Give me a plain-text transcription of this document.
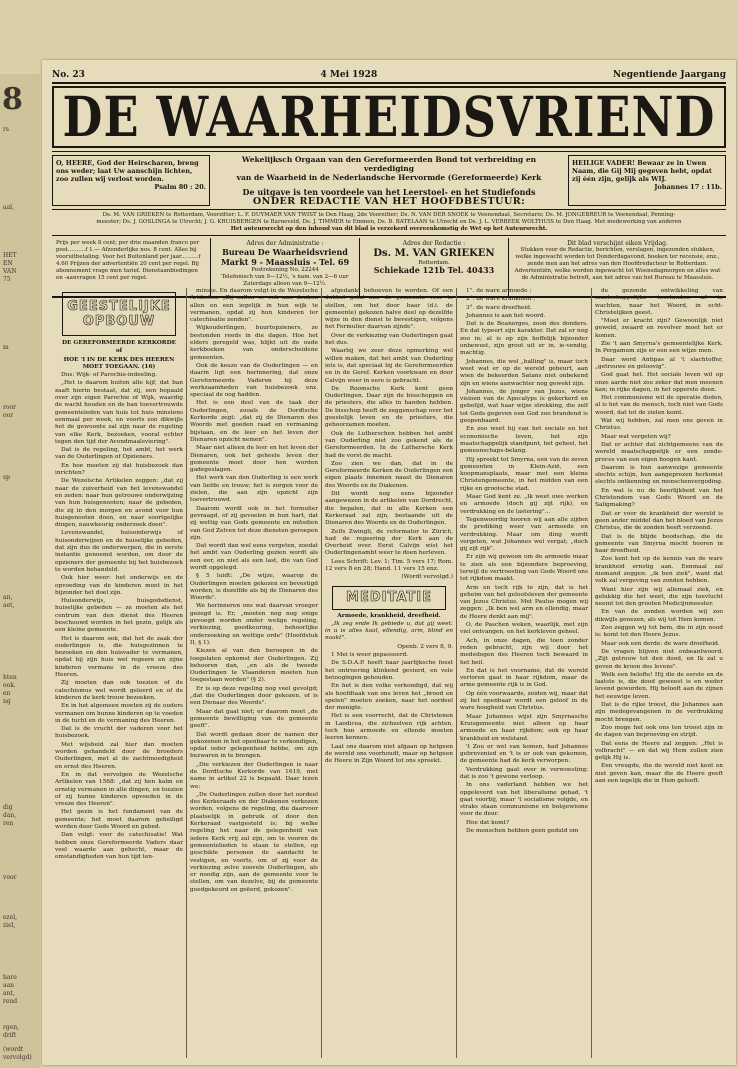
8
rs
aal,
HET
EN
VAN
75
m
roor
oor
sp
an,
aet,
hten
ook.
en
ng
dig
dan,
ren
voor
ezel,
ziel,
hare
aan
ant,
rend
rgen,
drift
(wordt
vervolgd)
No. 23	4 Mei 1928	Negentiende Jaargang
DE WAARHEIDSVRIEND
O, HEERE, God der Heirscharen, breng ons weder; laat Uw aanschijn lichten, zoo zullen wij verlost worden.
Psalm 80 : 20.
Wekelijksch Orgaan van den Gereformeerden Bond tot verbreiding en verdediging
van de Waarheid in de Nederlandsche Hervormde (Gereformeerde) Kerk
De uitgave is ten voordeele van het Leerstoel- en het Studiefonds
ONDER REDACTIE VAN HET HOOFDBESTUUR:
HEILIGE VADER! Bewaar ze in Uwen Naam, die Gij Mij gegeven hebt, opdat zij één zijn, gelijk als WIJ.
Johannes 17 : 11b.
Ds. M. VAN GRIEKEN te Rotterdam, Voorzitter; L. F. DUYMAER VAN TWIST te Den Haag, 2de Voorzitter; Ds. N. VAN DER SNOEK te Veenendaal, Secretaris; Ds. M. JONGEBREUR te Veenendaal, Penning-
meester; Ds. J. GOSLINGA te Utrecht; J. G. KRUISBERGEN te Barneveld, Ds. J. TIMMER te Emmen, Ds. B. BATELAAN te Utrecht en Ds. J. L. VERBEEK WOLTHUIS te Den Haag. Met medewerking van anderen
Het auteursrecht op den inhoud van dit blad is verzekerd overeenkomstig de Wet op het Auteursrecht.
Prijs per week 8 cent; per drie maanden franco per post..........f 1.— Afzonderlijke nos. 8 cent. Alles bij vooruitbetaling. Voor het Buitenland per jaar..........f 4.60 Prijzen der advertentiën 20 cent per regel. Bij abonnement vrage men tarief. Dienstaanbiedingen en -aanvragen 15 cent per regel.
Adres der Administratie :
Bureau De Waarheidsvriend
Markt 9 - Maassluis - Tel. 69
Postrekening No. 22244
Telefonisch van 9—12½, 's nam. van 2—6 uur Zaterdags alleen van 9—12½.
Adres der Redactie :
Ds. M. VAN GRIEKEN
Rotterdam.
Schiekade 121b Tel. 40433
Dit blad verschijnt eiken Vrijdag.
Stukken voor de Redactie, berichten, verslagen, ingezonden stukken, welke ingewacht worden tot Donderdagavond, boeken ter recensie, enz., zende men aan het adres van den Hoofdredacteur te Rotterdam. Advertentiën, welke worden ingewacht tot Woensdagmorgen en alles wat de Administratie betreft, aan het adres van het Bureau te Maassluis.
GEESTELIJKE
OPBOUW

DE GEREFORMEERDE KERKORDE

of

HOE 'I IN DE KERK DES HEEREN MOET TOEGAAN. (16)

Dus: Wijk- of Parochie-indeeling.

„Het is daarom buiten alle kijf, dat ban zaaft hierin bestaat, dat zij, een bepaald over zijn eigen Parochie of Wijk, waardig de wacht houden en de ban toevertrouwde gemeenteleden van huis tot huis minstens eenmaal per week, en voorts zoo dikwijls het de gewoonte zal zijn naar de regeling van elke Kerk, bezoeken, vooral echter tegen den tijd der Avondmaalsviering".

Dat is de regeling, het ambt, het werk van de Ouderlingen of Opzieners.

En hoe moeten zij dat huisbezoek dan inrichten?

De Wezelsche Artikelen zeggen: „dat zij naar de zuiverheid van het levenswandel en zeden: naar hun getrouwe onderwijzing van hun huisgenooten; naar de gebeden, die zij in den morgen en avond voor hun huisgenooten doen, en naar soortgelijke dingen, nauwkeurig onderzoek doen".

Levenswandel, huisonderwijs of huisonderwijzen en de huiselijke gebeden, dat zijn dus de onderwerpen, die in eerste instantie genoemd worden, om door de opzieners der gemeente bij het huisbezoek te worden behandeld.

Ook hier weer: het onderwijs en de opvoeding van de kinderen moet in het bijzonder het doel zijn.

Huisonderwijs, huisgodsdienst, huiselijke gebeden — ze moeten als het centrum van den dienst des Heeren beschouwd worden in het gezin, gelijk als een kleine gemeente.

Het is daarom ook, dat het de zaak der ouderlingen is, die huisgezinnen te bezoeken en den huisvader te vermanen, opdat hij zijn huis wel regeere en zijne kinderen vermane in de vreeze des Heeren.

Zij moeten dan ook toezien of de catechismus wel wordt geleerd en of de kinderen de kerk trouw bezoeken.

En in het algemeen moeten zij de ouders vermanen om hunne kinderen op te voeden in de tucht en de vermaning des Heeren.

Dat is de vrucht der vaderen voor het huisbezoek.

Met wijsheid zal hier dan moeten worden gehandeld door de broeders Ouderlingen, met al de zachtmoedigheid en ernst des Heeren.

En in dat vervolgen de Wezelsche Artikelen van 1568: „dat zij hen kalm en ernstig vermanen in alle dingen, en toezien of zij hunne kinderen opvoeden in de vreeze des Heeren".

Het gezin is het fundament van de gemeente; het moet daarom geheiligd worden door Gods Woord en gebed.

Dan volgt: voor de catechisatie! Wat hebben onze Gereformeerde Vaders daar veel waarde aan gehecht, maar de omstandigheden van hun tijd ten-

minste. En daarom volgt in de Wezelsche Artikelen: „Zij zullen er ook aan denken allen en een iegelijk in hun wijk te vermanen, opdat zij hun kinderen ter catechisatie zenden".

Wijkouderlingen, buurtopzieners, ze bestonden reeds in die dagen. Hoe het elders geregeld was, blijkt uit de oude kerkboeken van onderscheidene gemeenten.

Ook de keuze van de Ouderlingen — en daarin ligt een herinnering, dat onze Gereformeerde Vaderen hij deze werkzaamheden van huisbezoek enz. speciaal de oog hadden.

Het is een deel van de taak der Ouderlingen, zooals de Dordtsche Kerkorde zegt: „dat zij de Dienaren des Woords met goeden raad en vermaning bijstaan, en de leer en het leven der Dienaren opzicht nemen".

Maar niet alleen de leer en het leven der Dienaren, ook het geheele leven der gemeente moet door hen worden gadegeslagen.

Het werk van den Ouderling is een werk van liefde en trouw; het is zorgen voor de zielen, die aan zijn opzicht zijn toevertrouwd.

Daarom wordt ook in het formulier gevraagd, of zij gevoelen in hun hart, dat zij wettig van Gods gemeente en mitsdien van God Zelven tot deze diensten geroepen zijn.

Dat wordt dan wel eens vergeten, zoodat het ambt van Ouderling gezien wordt als een eer, en niet als een last, die van God wordt opgelegd.

§ 5 luidt: „De wijze, waarop de Ouderlingen moeten gekozen en bevestigd worden, is dezelfde als bij de Dienaren des Woords".

We herinneren ons wat daarvan vroeger gezegd is. Er, „moeten nog nog enige gevoegd worden onder welige regeling, verkiezing, goedkeuring, behoorlijke onderzoeking en wettige orde" (Hoofdstuk II, § 1).

Kiezen al van den beroepen in de toegelaten opkomst der Ouderlingen. Zij behooren dan, „en als de tweede Ouderlingen te Vlaanderen moeten hun toegestaan worden" (§ 2).

Er is op deze regeling nog veel gevolgd; „dat die Ouderlingen door gekozen, of is een Dienaar des Woords".

Maar dat gaat niet; er daarom moet „de gemeente bewilliging van de gemeente geeft".

Dat wordt gedaan door de namen der gekozenen in het openbaar te verkondigen, opdat ieder gelegenheid hebbe, om zijn bezwaren in te brengen.

„Die verkiezen der Ouderlingen is naar de Dordtsche Kerkorde van 1619, met name in artikel 22 is bepaald. Daar lezen we:

„De Ouderlingen zullen door het oordeel des Kerkeraads en der Diakenen verkozen worden, volgens de regeling, die daarvoor plaatselijk in gebruik of door den Kerkeraad vastgesteld is; bij welke regeling het naar de gelegenheid van iedere Kerk vrij zal zijn, om te vooren de gemeentelieden te staan te stellen, op geschikte personen de aandacht te vestigen, en voorts, om of zij voor de verkiezing zelve zoovele Ouderlingen, als er noodig zijn, aan de gemeente voor te stellen, om van dezelve, bij de gemeente goedgekeurd en geëerd, gekozen".

afgedankt behoeven te worden. Of een dubbel getal aan de gemeente voor te stellen, om het door haar (d.i. de gemeente) gekozen halve deel op dezelfde wijze in den dienst te bevestigen, volgens het Formulier daarvan zijnde".

Over de verkiezing van Ouderlingen gaat het dus.

Waarbij we zeer deze opmerking wel willen maken, dat het ambt van Ouderling iets is, dat speciaal bij de Gereformeerden en in de Geref. Kerken voorkwam en door Calvijn weer in eere is gebracht.

De Roomsche Kerk kent geen Ouderlingen. Daar zijn de bisschoppen en de priesters, die alles in handen hebben. De bisschop heeft de zeggenschap over het geestelijk leven en de priesters, die gehoorzamen moeten.

Ook de Lutherschen hebben het ambt van Ouderling niet zoo gekend als de Gereformeerden. In de Luthersche Kerk had de vorst de macht.

Zoo zien we dan, dat in de Gereformeerde Kerken de Ouderlingen een eigen plaats innemen naast de Dienaren des Woords en de Diakenen.

Dit wordt nog eens bijzonder aangewezen in de artikelen van Dordrecht, die bepalen, dat in alle Kerken een Kerkeraad zal zijn, bestaande uit de Dienaren des Woords en de Ouderlingen.

Zelfs Zwingli, de reformator te Zürich, had de regeering der Kerk aan de Overheid over. Eerst Calvijn wist het Ouderlingenambt weer te doen herleven.

Lees Schrift: Lev. 1; Tim. 5 vers 17; Rom. 12 vers 8 en 28; Hand. 11 vers 15 enz.

(Wordt vervolgd.)

MEDITATIE

Armoede, krankheid, dreefheid.

„Ik zeg ende Ik gebiede u, dat gij weet: in u is alles kaal, ellendig, arm, blind en naakt".

Openb. 2 vers 8, 9.

1 Mei is weer gepasseerd.

De S.D.A.P. heeft haar jaarlijksche feest het ontroering klinkend gevierd, en vele betoogingen gehouden.

En het is den volke verkondigd, dat wij als hoofdtaak van ons leven het „brood en spelen" moeten zoeken, naar het oordeel der menigte.

Het is een voorrecht, dat de Christenen in Laodicea, die zichzelven rijk achten, toch hun armoede en ellende moeten leeren kennen.

Laat ons daarom niet afgaan op hetgeen de wereld ons voorhoudt, maar op hetgeen de Heere in Zijn Woord tot ons spreekt.

1°. de ware armoede ;

2°. de ware krankheid ;

3°. de ware dreefheid.

Johannes is aan het woord.

Dat is de Boanerges, zoon des donders. En dat typeert zijn karakter. Dat zal er nog zoo in; al is op zijn hoffelijk bijzonder onbewust, zijn groot uit er in, ie-vendig, machtig.

Johannes, die wel „balling" is, maar toch weet wat er op de wereld gebeurt, aan wien de bekeerden Satans niet onbekend zijn en wiens aanwachter nog gewekt zijn.

Johannes, de jonger van Jezus, wiens visioen van de Apocalyps is gekerkerd en gebelijd, wat haar wijze strekking, die zelf tot Gods gegeven een God zoo brandend is geopenbaard.

En zoo weet hij van het sociale en het economische leven, het zijn maatschappelijk standpunt, het geheel, het gemeenschaps-belang.

Hij spreekt tot Smyrna, een van de zeven gemeenten in Klein-Azië, een koopmansplaats, maar met een kleine Christengemeente, in het midden van een rijke en grootsche stad.

Maar God kent ze. „Ik weet uwe werken en armoede (doch gij zijt rijk), en verdrukking en de lastering"...

Tegenwoordig hooren wij aan alle zijden de prediking weer van armoede en verdrukking. Maar om ding wordt vergeten, wat Johannes wel vergat; „doch gij zijt rijk".

Er zijn wij gewoon om de armoede maar te zien als een bijzondere beproeving, terwijl de vertroosting van Gods Woord ons tot rijkdom maakt.

Arm en toch rijk te zijn, dat is het geheim van het geloofsleven der gemeente van Jezus Christus. Met Paulus mogen wij zeggen: „Ik ben wel arm en ellendig, maar de Heere denkt aan mij".

O, de Paschen weken, waarlijk, met zijn viel ontvangen, en het kerkleven geheel.

Ach, in onze dagen, die toen zonder reden gebracht, zijn wij door het mededogen des Heeren toch bewaard in het heil.

En dat is het voorname, dat de wereld verloren gaat in haar rijkdom, maar de arme gemeente rijk is in God.

Op één voorwaarde, zeiden wij, maar dat zij het openbaar wordt een geloof in de ware hoogheid van Christus.

Maar Johannes wijst zijn Smyrnasche Kruisgemeente niet alleen op haar armoede en haar rijkdom; ook op haar krankheid en welstand.

't Zou er wel van komen, had Johannes gebrevenied en 't is er ook van gekomen, de gemeente had de kerk verworpen.

Verdrukking gaat over in verwoesting; dat is zoo 't gewone verloop.

In ons vaderland hebben we het opgeleverd van het liberalisme gehad, 't gaat voorbij, maar 't socialisme volgde, en straks staan communisme en bolsjewisme voor de deur.

Hoe dat komt?

De menschen hebben geen geduld om

de gezonde ontwikkeling van maatschappelijke toestanden af te wachten, naar het Woord, in echt-Christelijken geest.

"Moet er kracht zijn? Gewoonlijk niet geweld, zwaard en revolver moet het er komen.

Zie 't aan Smyrna's gemeentelijke Kerk. In Pergamum zijn er een een wijze men.

Daar werd Antipas al 't slachtoffer, „getrouwe en geloovig".

God gaat het. Het sociale leven wil op onze aarde niet zoo zeker dat men meenen kan; in rijke dagen, in het opperste doen.

Het communisme wil de operatie doden, al is het van de mensch, toch niet van Gods woord, dat tot de zielen komt.

Wat wij hebben, zal men ons geven in Christus.

Maar wat vergeten wij?

Dat er achter dat zichtgemeens van de wereld maatschappelijk er een zonde-proces van een eigen hoogen kant.

Daarom is hun aanwezige gemeente slechts schijn, hun aangeprezen herkomst slechts ontkenning en menschenvergoding.

En wat is nu de heerlijkheid van het Christendom van Gods Woord en de Saligmaking?

Dat er voor de krankheid der wereld is geen ander middel dan het bloed van Jezus Christus, die de zonden heeft verzoend.

Dat is de blijde boodschap, die de gemeente van Smyrna mocht hooren in haar droefheid.

Zoo kent het op de kennis van de ware krankheid ernstig aan. Eenmaal zal niemand zeggen: „ik ben ziek", want dat volk zal vergeving van zonden hebben.

Want hier zijn wij allemaal ziek, en gelukkig die het weet, die zijn toevlucht neemt tot den grooten Medicijnmeester.

En van de zonden worden wij zoo dikwijls genezen, als wij tot Hem komen.

Zoo zeggen wij tot hem, die in zijn nood is: komt tot den Heere Jezus.

Maar ook een derde: de ware droefheid.

De vragen blijven niet onbeantwoord. „Zijt getrouw tot den dood, en Ik zal u geven de kroon des levens".

Welk een belofte! Hij die de eerste en de laatste is, die dood geweest is en weder levend geworden, Hij belooft aan de zijnen het eeuwige leven.

Dat is de rijke troost, die Johannes aan zijn medegevangenen in de verdrukking mocht brengen.

Zoo moge het ook ons ten troost zijn in de dagen van beproeving en strijd.

Dat eens de Heere zal zeggen: „Het is volbracht" — en dat wij Hem zullen zien gelijk Hij is.

Een vreugde, die de wereld niet kent en niet geven kan, maar die de Heere geeft aan een iegelijk die in Hem gelooft.
